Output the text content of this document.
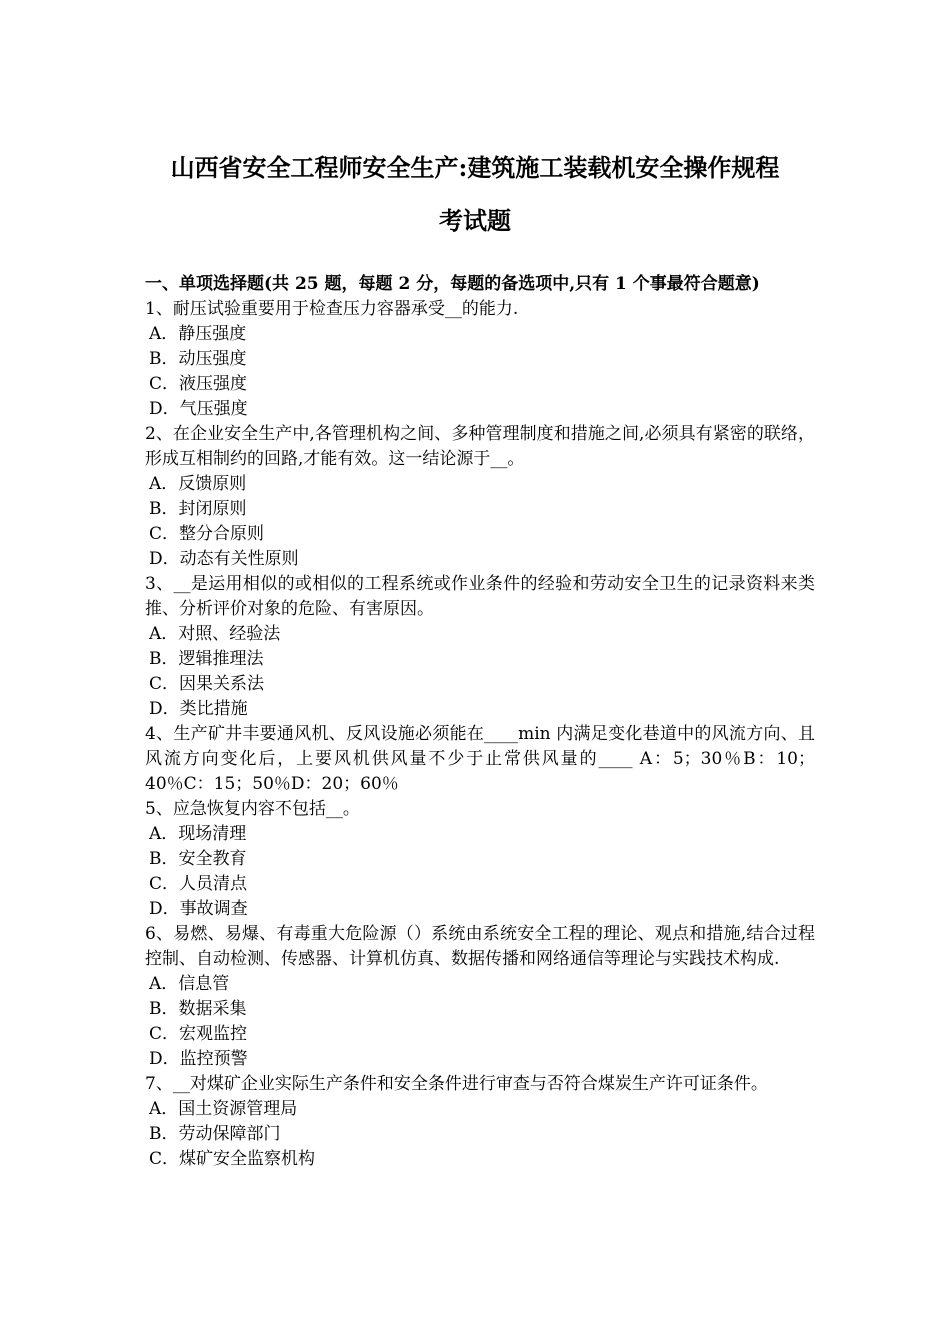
山西省安全工程师安全生产:建筑施工装载机安全操作规程
考试题

一、单项选择题(共 25 题，每题 2 分，每题的备选项中,只有 1 个事最符合题意)

1、耐压试验重要用于检查压力容器承受__的能力.

A．静压强度

B．动压强度

C．液压强度

D．气压强度

2、在企业安全生产中,各管理机构之间、多种管理制度和措施之间,必须具有紧密的联络，形成互相制约的回路,才能有效。这一结论源于__。

A．反馈原则

B．封闭原则

C．整分合原则

D．动态有关性原则

3、__是运用相似的或相似的工程系统或作业条件的经验和劳动安全卫生的记录资料来类推、分析评价对象的危险、有害原因。

A．对照、经验法

B．逻辑推理法

C．因果关系法

D．类比措施

4、生产矿井丰要通风机、反风设施必须能在____min 内满足变化巷道中的风流方向、且风流方向变化后，上要风机供风量不少于止常供风量的____ A：5；30％B：10；40％C：15；50％D：20；60％

5、应急恢复内容不包括__。

A．现场清理

B．安全教育

C．人员清点

D．事故调查

6、易燃、易爆、有毒重大危险源（）系统由系统安全工程的理论、观点和措施,结合过程控制、自动检测、传感器、计算机仿真、数据传播和网络通信等理论与实践技术构成.

A．信息管

B．数据采集

C．宏观监控

D．监控预警

7、__对煤矿企业实际生产条件和安全条件进行审查与否符合煤炭生产许可证条件。

A．国土资源管理局

B．劳动保障部门

C．煤矿安全监察机构
